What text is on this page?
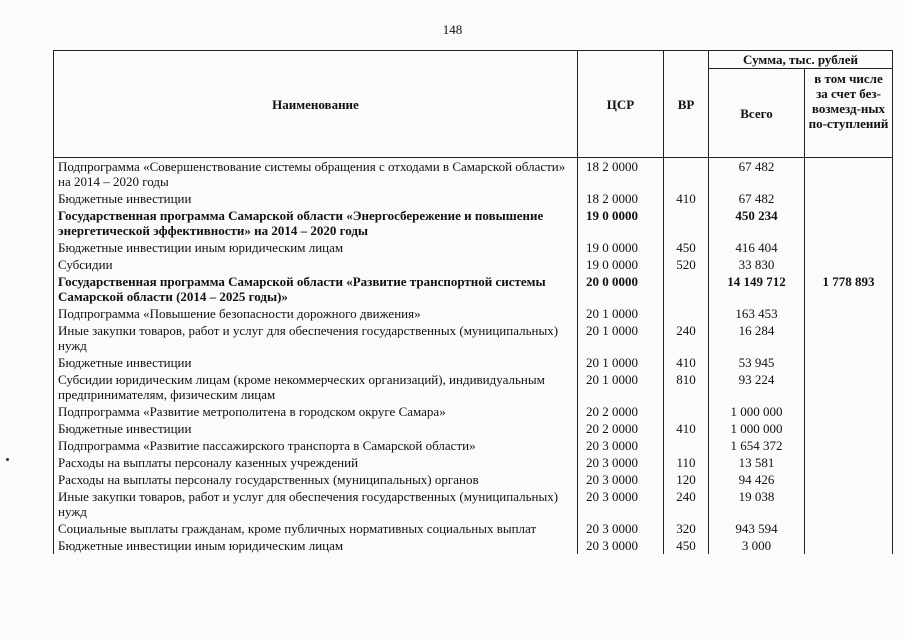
148
Наименование	ЦСР	ВР	Сумма, тыс. рублей	
			Всего	в том числе за счет без-возмезд-ных по-ступлений
Подпрограмма «Совершенствование системы обращения с отходами в Самарской области» на 2014 – 2020 годы	18 2 0000		67 482	
Бюджетные инвестиции	18 2 0000	410	67 482	
Государственная программа Самарской области «Энергосбережение и повышение энергетической эффективности» на 2014 – 2020 годы	19 0 0000		450 234	
Бюджетные инвестиции иным юридическим лицам	19 0 0000	450	416 404	
Субсидии	19 0 0000	520	33 830	
Государственная программа Самарской области «Развитие транспортной системы Самарской области (2014 – 2025 годы)»	20 0 0000		14 149 712	1 778 893
Подпрограмма «Повышение безопасности дорожного движения»	20 1 0000		163 453	
Иные закупки товаров, работ и услуг для обеспечения государственных (муниципальных) нужд	20 1 0000	240	16 284	
Бюджетные инвестиции	20 1 0000	410	53 945	
Субсидии юридическим лицам (кроме некоммерческих организаций), индивидуальным предпринимателям, физическим лицам	20 1 0000	810	93 224	
Подпрограмма «Развитие метрополитена в городском округе Самара»	20 2 0000		1 000 000	
Бюджетные инвестиции	20 2 0000	410	1 000 000	
Подпрограмма «Развитие пассажирского транспорта в Самарской области»	20 3 0000		1 654 372	
Расходы на выплаты персоналу казенных учреждений	20 3 0000	110	13 581	
Расходы на выплаты персоналу государственных (муниципальных) органов	20 3 0000	120	94 426	
Иные закупки товаров, работ и услуг для обеспечения государственных (муниципальных) нужд	20 3 0000	240	19 038	
Социальные выплаты гражданам, кроме публичных нормативных социальных выплат	20 3 0000	320	943 594	
Бюджетные инвестиции иным юридическим лицам	20 3 0000	450	3 000	
